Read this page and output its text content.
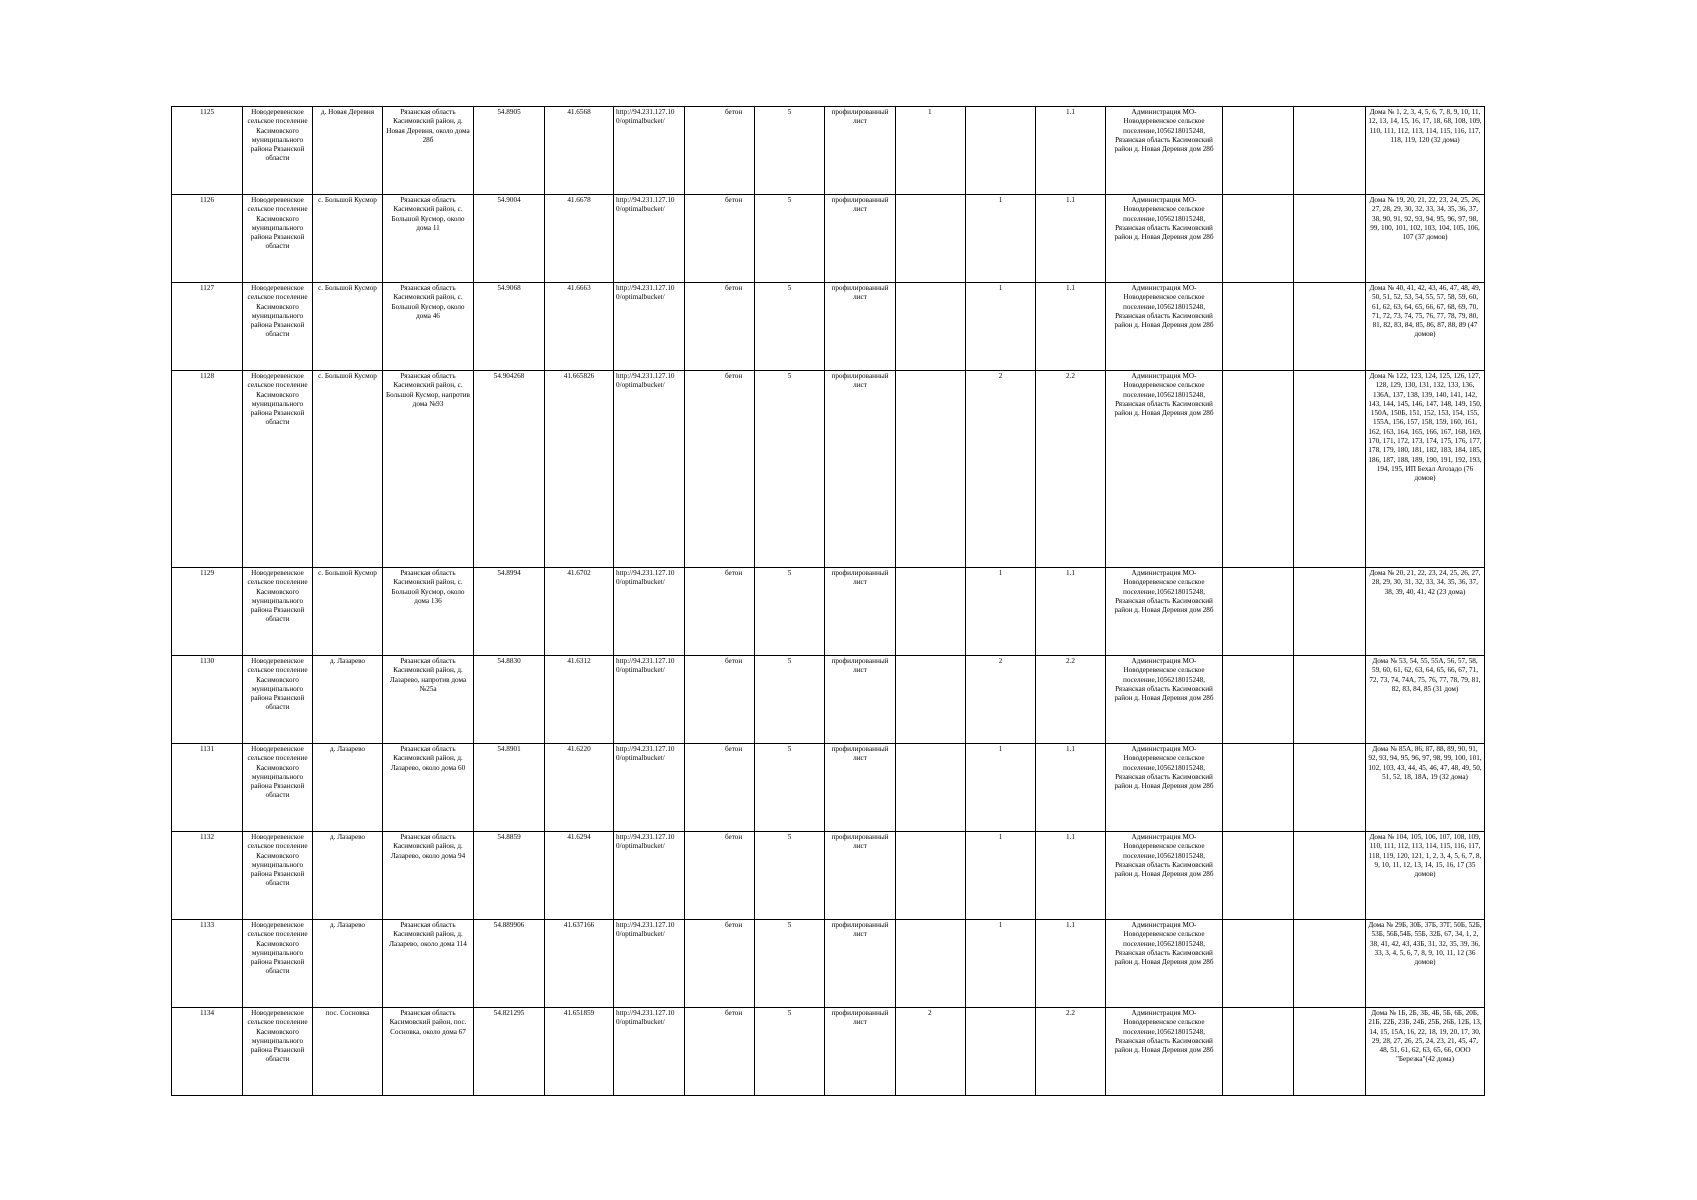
1125	Новодеревенское сельское поселение Касимовского муниципального района Рязанской области	д. Новая Деревня	Рязанская область Касимовский район, д. Новая Деревня, около дома 28б	54.8905	41.6568	http://94.231.127.10 0/optimalbucket/	бетон	5	профилированный лист	1		1.1	Администрация МО-Новодеревенское сельское поселение,1056218015248, Рязанская область Касимовский район д. Новая Деревня дом 28б			Дома № 1, 2, 3, 4, 5, 6, 7, 8, 9, 10, 11, 12, 13, 14, 15, 16, 17, 18, 68, 108, 109, 110, 111, 112, 113, 114, 115, 116, 117, 118, 119, 120 (32 дома)
1126	Новодеревенское сельское поселение Касимовского муниципального района Рязанской области	с. Большой Кусмор	Рязанская область Касимовский район, с. Большой Кусмор, около дома 11	54.9004	41.6678	http://94.231.127.10 0/optimalbucket/	бетон	5	профилированный лист		1	1.1	Администрация МО-Новодеревенское сельское поселение,1056218015248, Рязанская область Касимовский район д. Новая Деревня дом 28б			Дома № 19, 20, 21, 22, 23, 24, 25, 26, 27, 28, 29, 30, 32, 33, 34, 35, 36, 37, 38, 90, 91, 92, 93, 94, 95, 96, 97, 98, 99, 100, 101, 102, 103, 104, 105, 106, 107 (37 домов)
1127	Новодеревенское сельское поселение Касимовского муниципального района Рязанской области	с. Большой Кусмор	Рязанская область Касимовский район, с. Большой Кусмор, около дома 46	54.9068	41.6663	http://94.231.127.10 0/optimalbucket/	бетон	5	профилированный лист		1	1.1	Администрация МО-Новодеревенское сельское поселение,1056218015248, Рязанская область Касимовский район д. Новая Деревня дом 28б			Дома № 40, 41, 42, 43, 46, 47, 48, 49, 50, 51, 52, 53, 54, 55, 57, 58, 59, 60, 61, 62, 63, 64, 65, 66, 67, 68, 69, 70, 71, 72, 73, 74, 75, 76, 77, 78, 79, 80, 81, 82, 83, 84, 85, 86, 87, 88, 89 (47 домов)
1128	Новодеревенское сельское поселение Касимовского муниципального района Рязанской области	с. Большой Кусмор	Рязанская область Касимовский район, с. Большой Кусмор, напротив дома №93	54.904268	41.665826	http://94.231.127.10 0/optimalbucket/	бетон	5	профилированный лист		2	2.2	Администрация МО-Новодеревенское сельское поселение,1056218015248, Рязанская область Касимовский район д. Новая Деревня дом 28б			Дома № 122, 123, 124, 125, 126, 127, 128, 129, 130, 131, 132, 133, 136, 136А, 137, 138, 139, 140, 141, 142, 143, 144, 145, 146, 147, 148, 149, 150, 150А, 150Б, 151, 152, 153, 154, 155, 155А, 156, 157, 158, 159, 160, 161, 162, 163, 164, 165, 166, 167, 168, 169, 170, 171, 172, 173, 174, 175, 176, 177, 178, 179, 180, 181, 182, 183, 184, 185, 186, 187, 188, 189, 190, 191, 192, 193, 194, 195, ИП Бехал Агозадо (76 домов)
1129	Новодеревенское сельское поселение Касимовского муниципального района Рязанской области	с. Большой Кусмор	Рязанская область Касимовский район, с. Большой Кусмор, около дома 136	54.8994	41.6702	http://94.231.127.10 0/optimalbucket/	бетон	5	профилированный лист		1	1.1	Администрация МО-Новодеревенское сельское поселение,1056218015248, Рязанская область Касимовский район д. Новая Деревня дом 28б			Дома № 20, 21, 22, 23, 24, 25, 26, 27, 28, 29, 30, 31, 32, 33, 34, 35, 36, 37, 38, 39, 40, 41, 42 (23 дома)
1130	Новодеревенское сельское поселение Касимовского муниципального района Рязанской области	д. Лазарево	Рязанская область Касимовский район, д. Лазарево, напротив дома №25а	54.8830	41.6312	http://94.231.127.10 0/optimalbucket/	бетон	5	профилированный лист		2	2.2	Администрация МО-Новодеревенское сельское поселение,1056218015248, Рязанская область Касимовский район д. Новая Деревня дом 28б			Дома № 53, 54, 55, 55А, 56, 57, 58, 59, 60, 61, 62, 63, 64, 65, 66, 67, 71, 72, 73, 74, 74А, 75, 76, 77, 78, 79, 81, 82, 83, 84, 85 (31 дом)
1131	Новодеревенское сельское поселение Касимовского муниципального района Рязанской области	д. Лазарево	Рязанская область Касимовский район, д. Лазарево, около дома 60	54.8901	41.6220	http://94.231.127.10 0/optimalbucket/	бетон	5	профилированный лист		1	1.1	Администрация МО-Новодеревенское сельское поселение,1056218015248, Рязанская область Касимовский район д. Новая Деревня дом 28б			Дома № 85А, 86, 87, 88, 89, 90, 91, 92, 93, 94, 95, 96, 97, 98, 99, 100, 101, 102, 103, 43, 44, 45, 46, 47, 48, 49, 50, 51, 52, 18, 18А, 19 (32 дома)
1132	Новодеревенское сельское поселение Касимовского муниципального района Рязанской области	д. Лазарево	Рязанская область Касимовский район, д. Лазарево, около дома 94	54.8859	41.6294	http://94.231.127.10 0/optimalbucket/	бетон	5	профилированный лист		1	1.1	Администрация МО-Новодеревенское сельское поселение,1056218015248, Рязанская область Касимовский район д. Новая Деревня дом 28б			Дома № 104, 105, 106, 107, 108, 109, 110, 111, 112, 113, 114, 115, 116, 117, 118, 119, 120, 121, 1, 2, 3, 4, 5, 6, 7, 8, 9, 10, 11, 12, 13, 14, 15, 16, 17 (35 домов)
1133	Новодеревенское сельское поселение Касимовского муниципального района Рязанской области	д. Лазарево	Рязанская область Касимовский район, д. Лазарево, около дома 114	54.889906	41.637166	http://94.231.127.10 0/optimalbucket/	бетон	5	профилированный лист		1	1.1	Администрация МО-Новодеревенское сельское поселение,1056218015248, Рязанская область Касимовский район д. Новая Деревня дом 28б			Дома № 29Б, 30Б, 37Б, 37Г, 50Б, 52Б, 53Б, 56Б,54Б, 55Б, 32Б, 67, 34, 1, 2, 38, 41, 42, 43, 43Б, 31, 32, 35, 39, 36, 33, 3, 4, 5, 6, 7, 8, 9, 10, 11, 12 (36 домов)
1134	Новодеревенское сельское поселение Касимовского муниципального района Рязанской области	пос. Сосновка	Рязанская область Касимовский район, пос. Сосновка, около дома 67	54.821295	41.651859	http://94.231.127.10 0/optimalbucket/	бетон	5	профилированный лист	2		2.2	Администрация МО-Новодеревенское сельское поселение,1056218015248, Рязанская область Касимовский район д. Новая Деревня дом 28б			Дома № 1Б, 2Б, 3Б, 4Б, 5Б, 6Б, 20Б, 21Б, 22Б, 23Б, 24Б, 25Б, 26Б, 12Б, 13, 14, 15, 15А, 16, 22, 18, 19, 20, 17, 30, 29, 28, 27, 26, 25, 24, 23, 21, 45, 47, 48, 51, 61, 62, 63, 65, 66, ООО "Березка"(42 дома)
